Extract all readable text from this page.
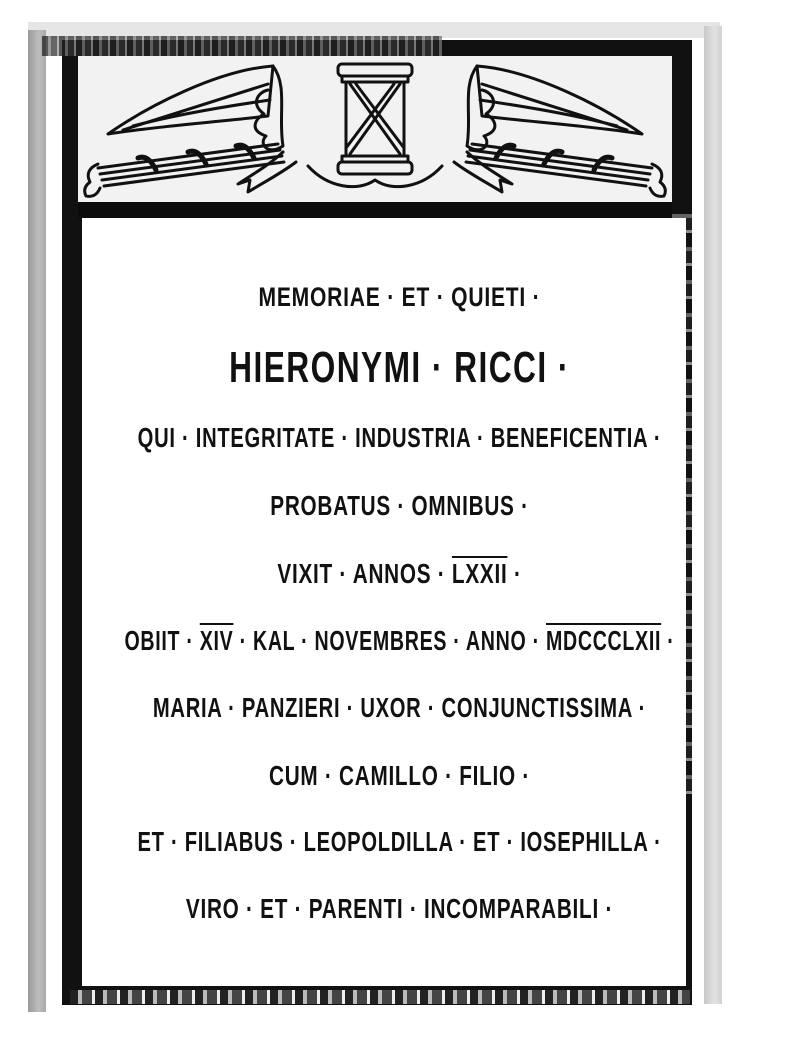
MEMORIAE · ET · QUIETI ·
HIERONYMI · RICCI ·
QUI · INTEGRITATE · INDUSTRIA · BENEFICENTIA ·
PROBATUS · OMNIBUS ·
VIXIT · ANNOS · LXXII ·
OBIIT · $\overline{XIV}$ · KAL · NOVEMBRES · ANNO · MDCCCLXII ·
MARIA · PANZIERI · UXOR · CONJUNCTISSIMA ·
CUM · CAMILLO · FILIO ·
ET · FILIABUS · LEOPOLDILLA · ET · IOSEPHILLA ·
VIRO · ET · PARENTI · INCOMPARABILI ·
